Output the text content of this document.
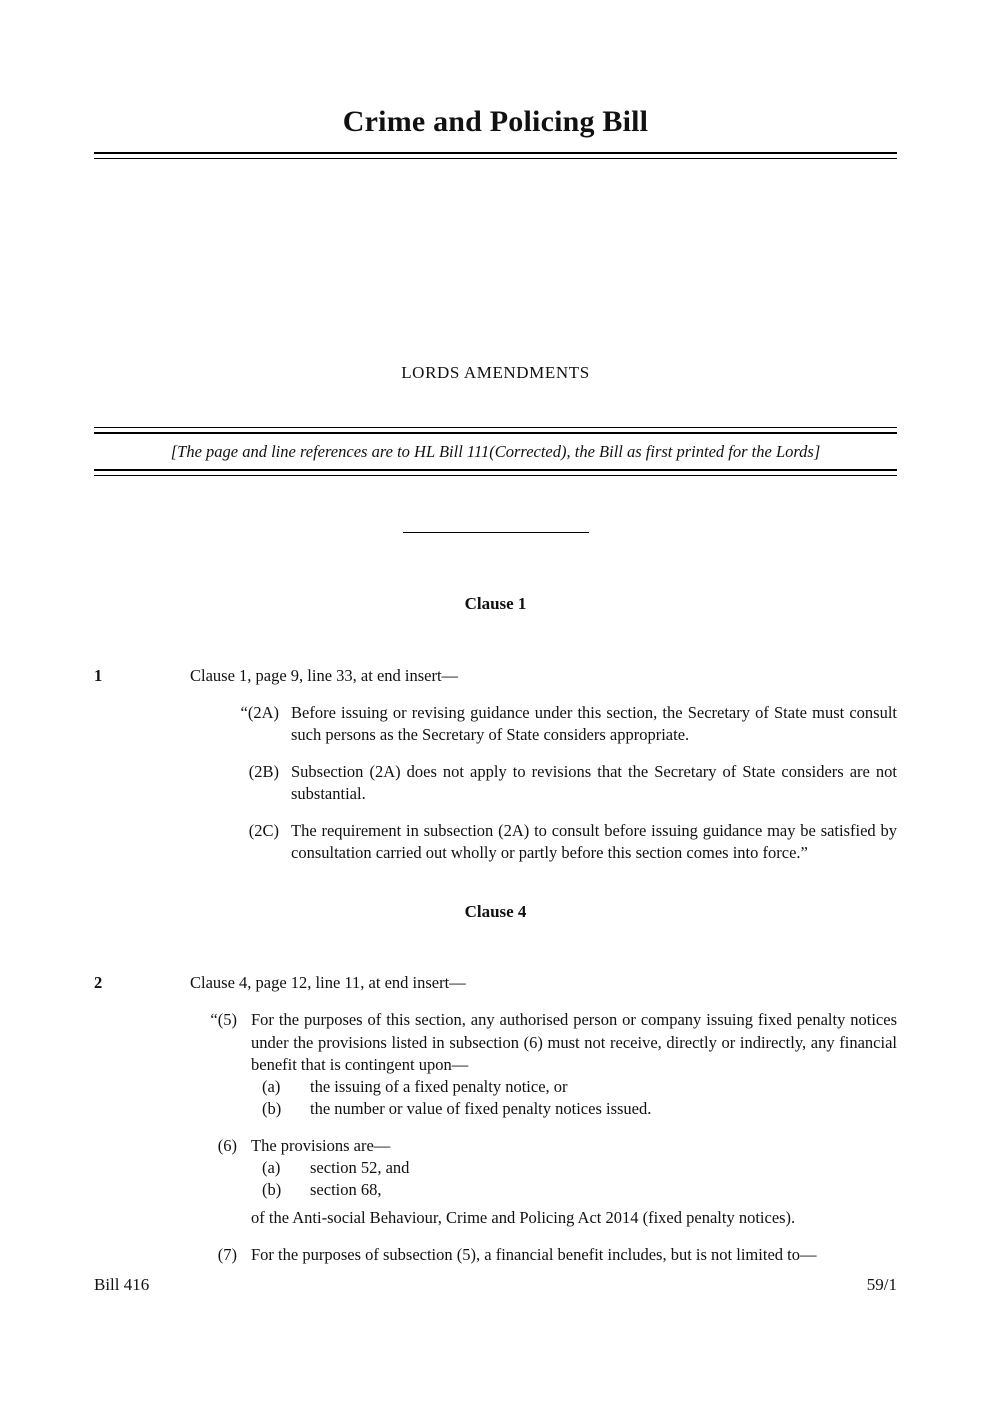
Crime and Policing Bill
LORDS AMENDMENTS
[The page and line references are to HL Bill 111(Corrected), the Bill as first printed for the Lords]
Clause 1
1	Clause 1, page 9, line 33, at end insert—
“(2A) Before issuing or revising guidance under this section, the Secretary of State must consult such persons as the Secretary of State considers appropriate.
(2B) Subsection (2A) does not apply to revisions that the Secretary of State considers are not substantial.
(2C) The requirement in subsection (2A) to consult before issuing guidance may be satisfied by consultation carried out wholly or partly before this section comes into force.”
Clause 4
2	Clause 4, page 12, line 11, at end insert—
“(5) For the purposes of this section, any authorised person or company issuing fixed penalty notices under the provisions listed in subsection (6) must not receive, directly or indirectly, any financial benefit that is contingent upon—
(a)	the issuing of a fixed penalty notice, or
(b)	the number or value of fixed penalty notices issued.
(6) The provisions are—
(a)	section 52, and
(b)	section 68,
of the Anti-social Behaviour, Crime and Policing Act 2014 (fixed penalty notices).
(7) For the purposes of subsection (5), a financial benefit includes, but is not limited to—
Bill 416	59/1
